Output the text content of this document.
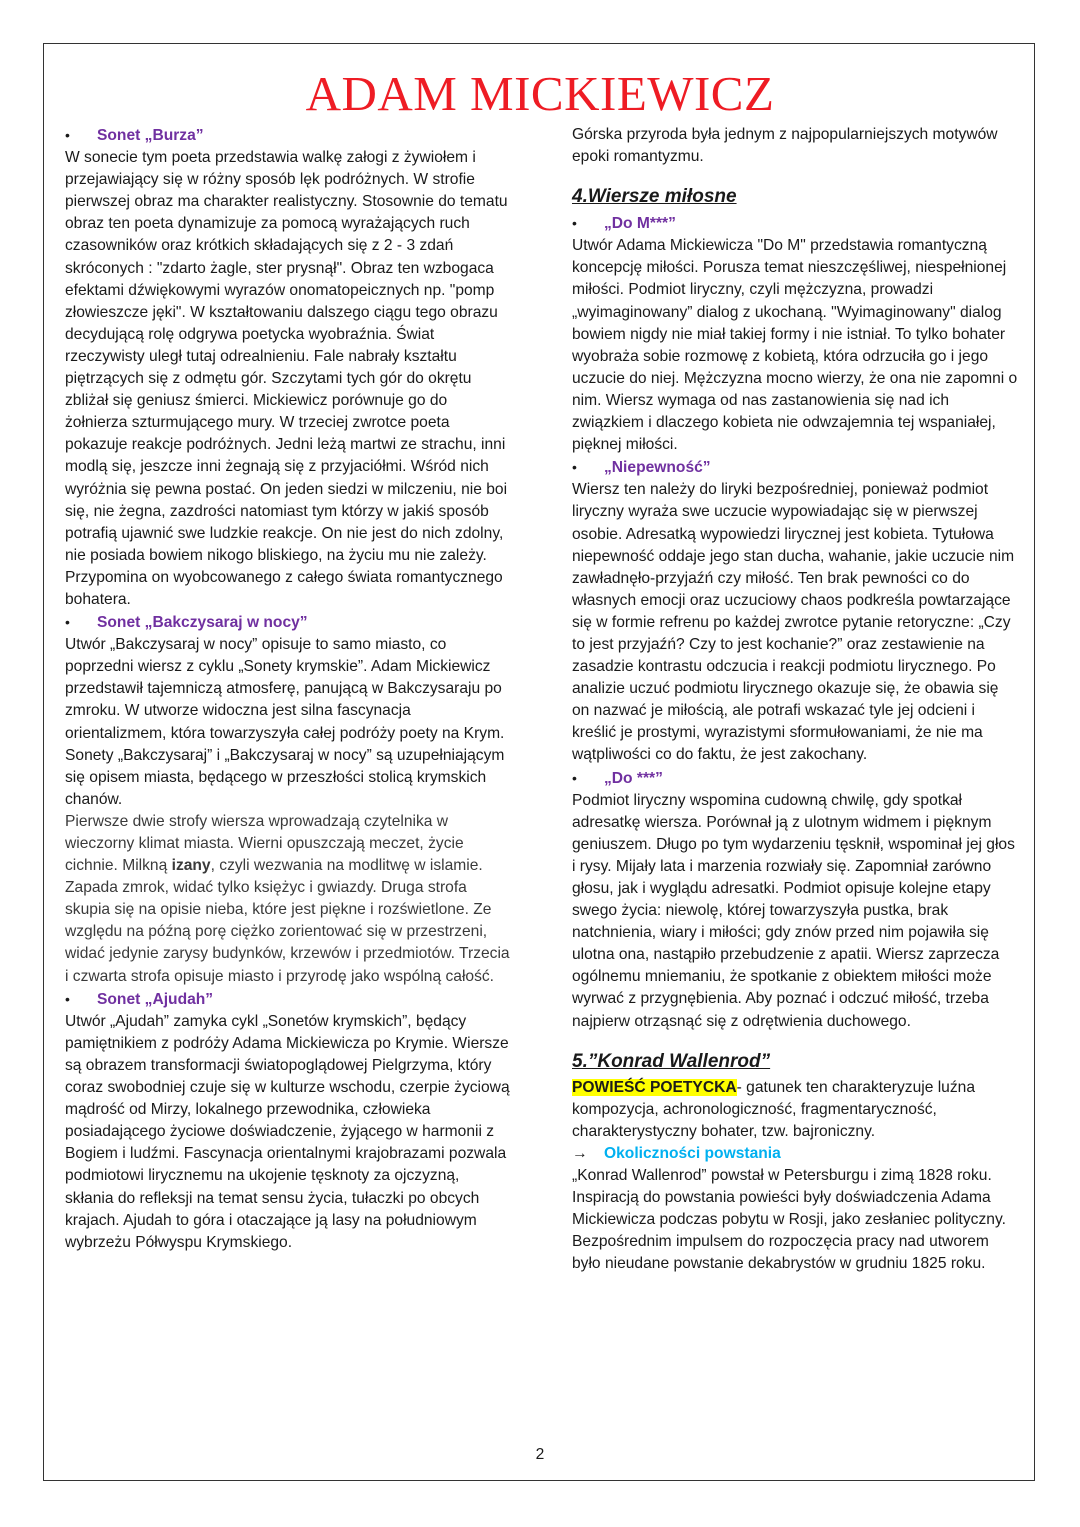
ADAM MICKIEWICZ
•	Sonet „Burza”

W sonecie tym poeta przedstawia walkę załogi z żywiołem i przejawiający się w różny sposób lęk podróżnych. W strofie pierwszej obraz ma charakter realistyczny. Stosownie do tematu obraz ten poeta dynamizuje za pomocą wyrażających ruch czasowników oraz krótkich składających się z 2 - 3 zdań skróconych : "zdarto żagle, ster prysnął". Obraz ten wzbogaca efektami dźwiękowymi wyrazów onomatopeicznych np. "pomp złowieszcze jęki". W kształtowaniu dalszego ciągu tego obrazu decydującą rolę odgrywa poetycka wyobraźnia. Świat rzeczywisty uległ tutaj odrealnieniu. Fale nabrały kształtu piętrzących się z odmętu gór. Szczytami tych gór do okrętu zbliżał się geniusz śmierci. Mickiewicz porównuje go do żołnierza szturmującego mury. W trzeciej zwrotce poeta pokazuje reakcje podróżnych. Jedni leżą martwi ze strachu, inni modlą się, jeszcze inni żegnają się z przyjaciółmi. Wśród nich wyróżnia się pewna postać. On jeden siedzi w milczeniu, nie boi się, nie żegna, zazdrości natomiast tym którzy w jakiś sposób potrafią ujawnić swe ludzkie reakcje. On nie jest do nich zdolny, nie posiada bowiem nikogo bliskiego, na życiu mu nie zależy. Przypomina on wyobcowanego z całego świata romantycznego bohatera.

•	Sonet „Bakczysaraj w nocy”

Utwór „Bakczysaraj w nocy” opisuje to samo miasto, co poprzedni wiersz z cyklu „Sonety krymskie”. Adam Mickiewicz przedstawił tajemniczą atmosferę, panującą w Bakczysaraju po zmroku. W utworze widoczna jest silna fascynacja orientalizmem, która towarzyszyła całej podróży poety na Krym. Sonety „Bakczysaraj” i „Bakczysaraj w nocy” są uzupełniającym się opisem miasta, będącego w przeszłości stolicą krymskich chanów.

Pierwsze dwie strofy wiersza wprowadzają czytelnika w wieczorny klimat miasta. Wierni opuszczają meczet, życie cichnie. Milkną izany, czyli wezwania na modlitwę w islamie. Zapada zmrok, widać tylko księżyc i gwiazdy. Druga strofa skupia się na opisie nieba, które jest piękne i rozświetlone. Ze względu na późną porę ciężko zorientować się w przestrzeni, widać jedynie zarysy budynków, krzewów i przedmiotów. Trzecia i czwarta strofa opisuje miasto i przyrodę jako wspólną całość.

•	Sonet „Ajudah”

Utwór „Ajudah” zamyka cykl „Sonetów krymskich”, będący pamiętnikiem z podróży Adama Mickiewicza po Krymie. Wiersze są obrazem transformacji światopoglądowej Pielgrzyma, który coraz swobodniej czuje się w kulturze wschodu, czerpie życiową mądrość od Mirzy, lokalnego przewodnika, człowieka posiadającego życiowe doświadczenie, żyjącego w harmonii z Bogiem i ludźmi. Fascynacja orientalnymi krajobrazami pozwala podmiotowi lirycznemu na ukojenie tęsknoty za ojczyzną, skłania do refleksji na temat sensu życia, tułaczki po obcych krajach. Ajudah to góra i otaczające ją lasy na południowym wybrzeżu Półwyspu Krymskiego.

Górska przyroda była jednym z najpopularniejszych motywów epoki romantyzmu.

4.Wiersze miłosne
•	„Do M***”

Utwór Adama Mickiewicza "Do M" przedstawia romantyczną koncepcję miłości. Porusza temat nieszczęśliwej, niespełnionej miłości. Podmiot liryczny, czyli mężczyzna, prowadzi „wyimaginowany” dialog z ukochaną. "Wyimaginowany" dialog bowiem nigdy nie miał takiej formy i nie istniał. To tylko bohater wyobraża sobie rozmowę z kobietą, która odrzuciła go i jego uczucie do niej. Mężczyzna mocno wierzy, że ona nie zapomni o nim. Wiersz wymaga od nas zastanowienia się nad ich związkiem i dlaczego kobieta nie odwzajemnia tej wspaniałej, pięknej miłości.

•	„Niepewność”

Wiersz ten należy do liryki bezpośredniej, ponieważ podmiot liryczny wyraża swe uczucie wypowiadając się w pierwszej osobie. Adresatką wypowiedzi lirycznej jest kobieta. Tytułowa niepewność oddaje jego stan ducha, wahanie, jakie uczucie nim zawładnęło-przyjaźń czy miłość. Ten brak pewności co do własnych emocji oraz uczuciowy chaos podkreśla powtarzające się w formie refrenu po każdej zwrotce pytanie retoryczne: „Czy to jest przyjaźń? Czy to jest kochanie?” oraz zestawienie na zasadzie kontrastu odczucia i reakcji podmiotu lirycznego. Po analizie uczuć podmiotu lirycznego okazuje się, że obawia się on nazwać je miłością, ale potrafi wskazać tyle jej odcieni i kreślić je prostymi, wyrazistymi sformułowaniami, że nie ma wątpliwości co do faktu, że jest zakochany.

•	„Do ***”

Podmiot liryczny wspomina cudowną chwilę, gdy spotkał adresatkę wiersza. Porównał ją z ulotnym widmem i pięknym geniuszem. Długo po tym wydarzeniu tęsknił, wspominał jej głos i rysy. Mijały lata i marzenia rozwiały się. Zapomniał zarówno głosu, jak i wyglądu adresatki. Podmiot opisuje kolejne etapy swego życia: niewolę, której towarzyszyła pustka, brak natchnienia, wiary i miłości; gdy znów przed nim pojawiła się ulotna ona, nastąpiło przebudzenie z apatii. Wiersz zaprzecza ogólnemu mniemaniu, że spotkanie z obiektem miłości może wyrwać z przygnębienia. Aby poznać i odczuć miłość, trzeba najpierw otrząsnąć się z odrętwienia duchowego.

5.”Konrad Wallenrod”

POWIEŚĆ POETYCKA- gatunek ten charakteryzuje luźna kompozycja, achronologiczność, fragmentaryczność, charakterystyczny bohater, tzw. bajroniczny.

→	Okoliczności powstania

„Konrad Wallenrod” powstał w Petersburgu i zimą 1828 roku. Inspiracją do powstania powieści były doświadczenia Adama Mickiewicza podczas pobytu w Rosji, jako zesłaniec polityczny. Bezpośrednim impulsem do rozpoczęcia pracy nad utworem było nieudane powstanie dekabrystów w grudniu 1825 roku.

2
